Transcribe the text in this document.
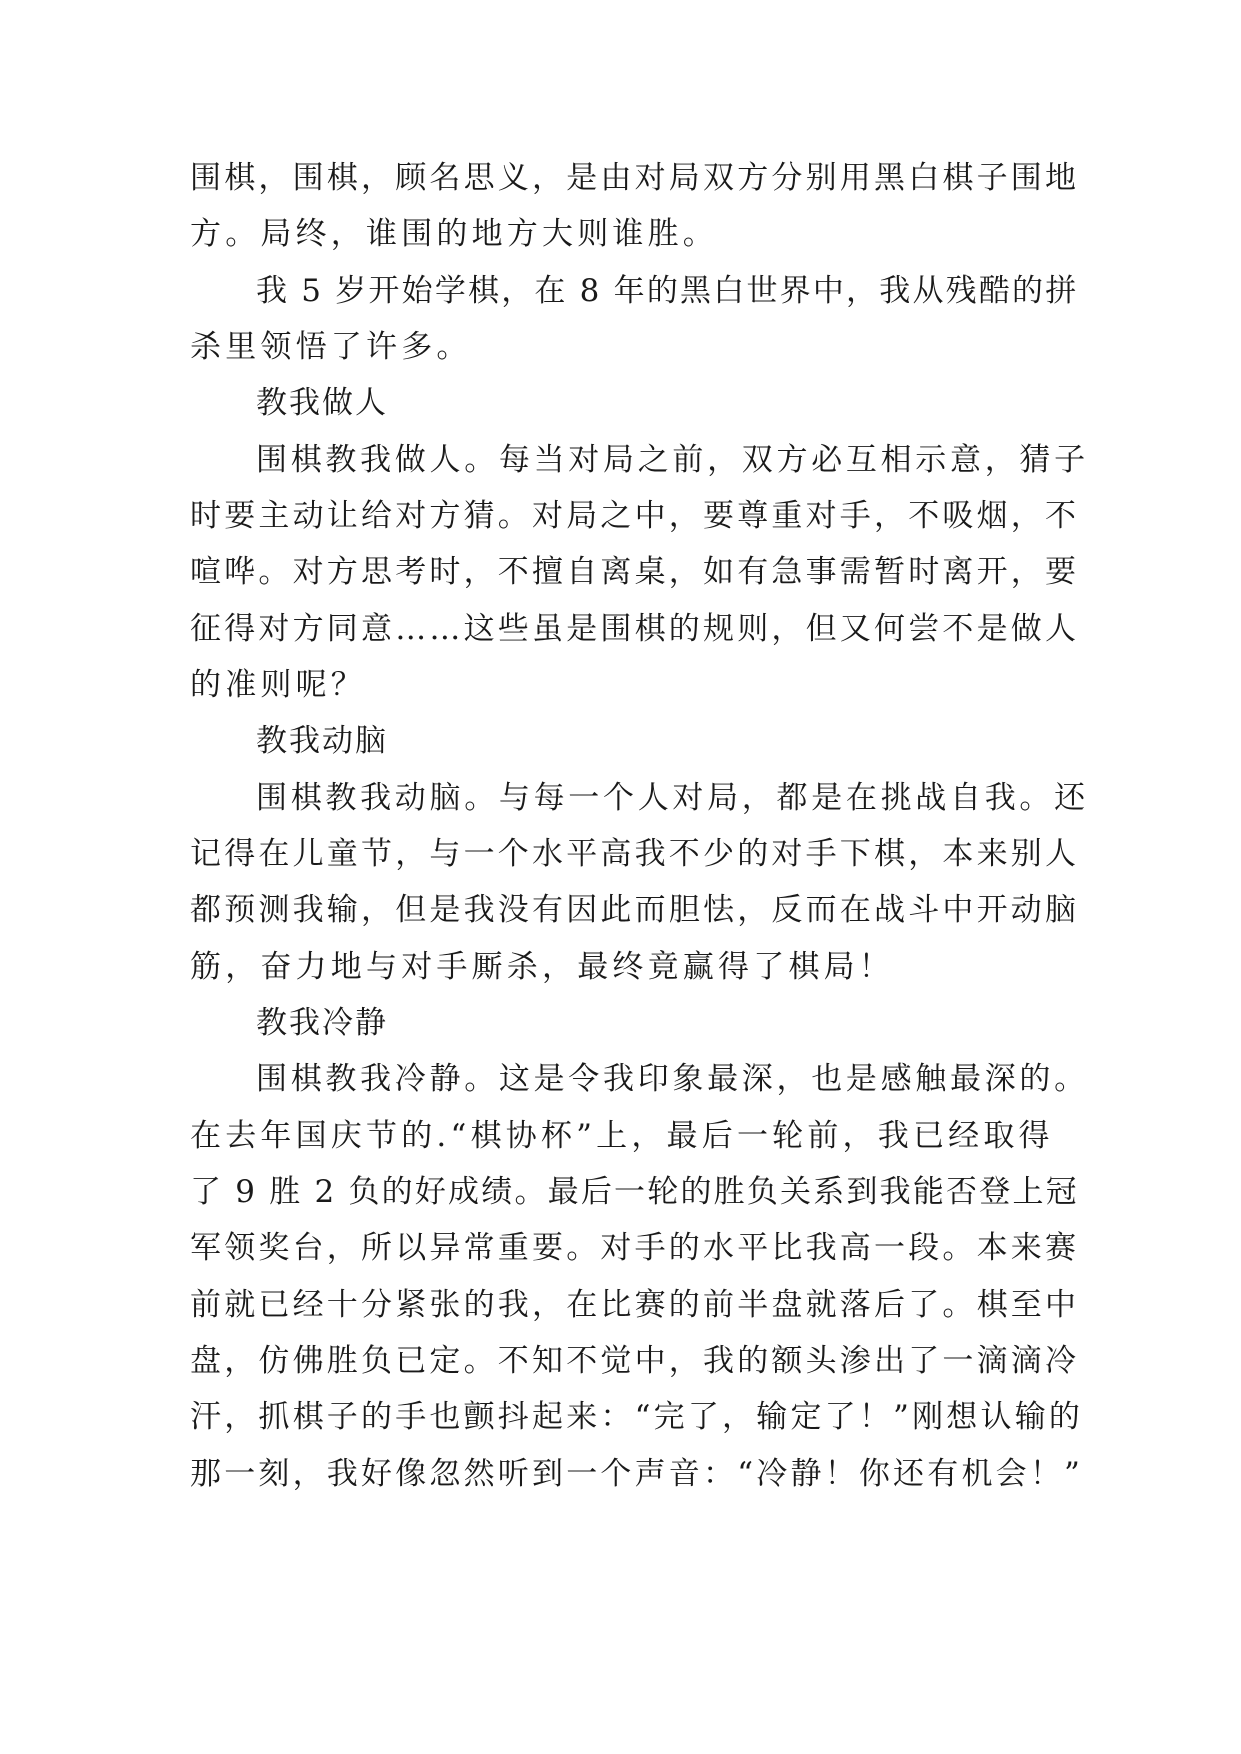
围棋，围棋，顾名思义，是由对局双方分别用黑白棋子围地
方。局终，谁围的地方大则谁胜。
我 5 岁开始学棋，在 8 年的黑白世界中，我从残酷的拼
杀里领悟了许多。
教我做人
围棋教我做人。每当对局之前，双方必互相示意，猜子
时要主动让给对方猜。对局之中，要尊重对手，不吸烟，不
喧哗。对方思考时，不擅自离桌，如有急事需暂时离开，要
征得对方同意……这些虽是围棋的规则，但又何尝不是做人
的准则呢？
教我动脑
围棋教我动脑。与每一个人对局，都是在挑战自我。还
记得在儿童节，与一个水平高我不少的对手下棋，本来别人
都预测我输，但是我没有因此而胆怯，反而在战斗中开动脑
筋，奋力地与对手厮杀，最终竟赢得了棋局！
教我冷静
围棋教我冷静。这是令我印象最深，也是感触最深的。
在去年国庆节的.“棋协杯”上，最后一轮前，我已经取得
了 9 胜 2 负的好成绩。最后一轮的胜负关系到我能否登上冠
军领奖台，所以异常重要。对手的水平比我高一段。本来赛
前就已经十分紧张的我，在比赛的前半盘就落后了。棋至中
盘，仿佛胜负已定。不知不觉中，我的额头渗出了一滴滴冷
汗，抓棋子的手也颤抖起来：“完了，输定了！”刚想认输的
那一刻，我好像忽然听到一个声音：“冷静！你还有机会！”
